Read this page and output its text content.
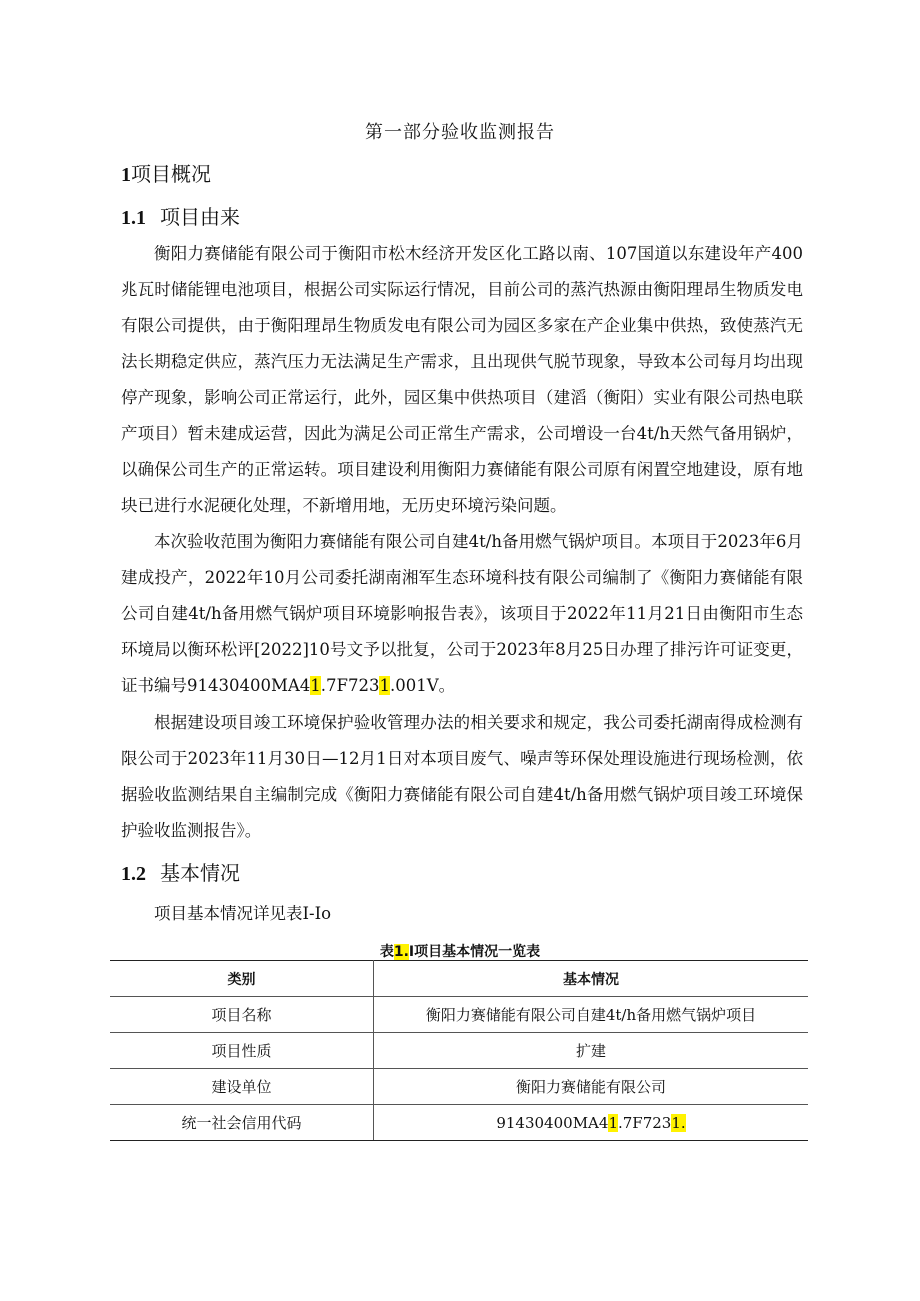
第一部分验收监测报告
1项目概况
1.1 项目由来

衡阳力赛储能有限公司于衡阳市松木经济开发区化工路以南、107国道以东建设年产400兆瓦时储能锂电池项目，根据公司实际运行情况，目前公司的蒸汽热源由衡阳理昂生物质发电有限公司提供，由于衡阳理昂生物质发电有限公司为园区多家在产企业集中供热，致使蒸汽无法长期稳定供应，蒸汽压力无法满足生产需求，且出现供气脱节现象，导致本公司每月均出现停产现象，影响公司正常运行，此外，园区集中供热项目（建滔（衡阳）实业有限公司热电联产项目）暂未建成运营，因此为满足公司正常生产需求，公司增设一台4t/h天然气备用锅炉，以确保公司生产的正常运转。项目建设利用衡阳力赛储能有限公司原有闲置空地建设，原有地块已进行水泥硬化处理，不新增用地，无历史环境污染问题。

本次验收范围为衡阳力赛储能有限公司自建4t/h备用燃气锅炉项目。本项目于2023年6月建成投产，2022年10月公司委托湖南湘军生态环境科技有限公司编制了《衡阳力赛储能有限公司自建4t/h备用燃气锅炉项目环境影响报告表》，该项目于2022年11月21日由衡阳市生态环境局以衡环松评[2022]10号文予以批复，公司于2023年8月25日办理了排污许可证变更，证书编号91430400MA41.7F7231.001V。

根据建设项目竣工环境保护验收管理办法的相关要求和规定，我公司委托湖南得成检测有限公司于2023年11月30日—12月1日对本项目废气、噪声等环保处理设施进行现场检测，依据验收监测结果自主编制完成《衡阳力赛储能有限公司自建4t/h备用燃气锅炉项目竣工环境保护验收监测报告》。

1.2 基本情况

项目基本情况详见表I-Io

表1.I项目基本情况一览表
类别	基本情况
项目名称	衡阳力赛储能有限公司自建4t/h备用燃气锅炉项目
项目性质	扩建
建设单位	衡阳力赛储能有限公司
统一社会信用代码	91430400MA41.7F7231.
